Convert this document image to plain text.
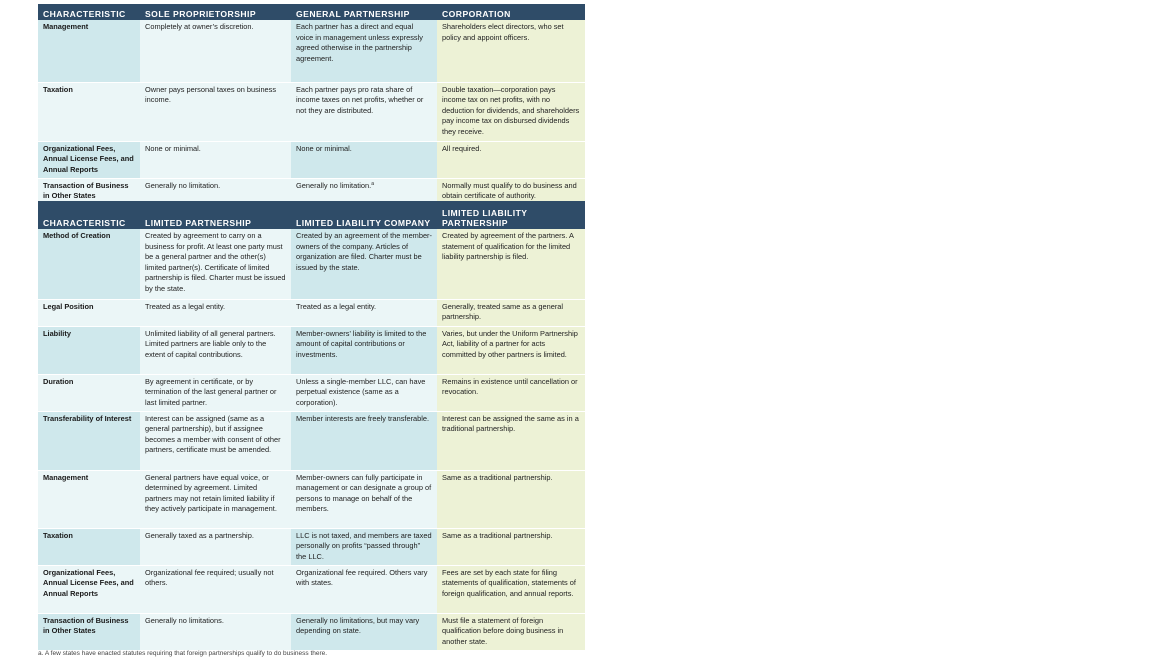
CHARACTERISTIC	SOLE PROPRIETORSHIP	GENERAL PARTNERSHIP	CORPORATION
Management	Completely at owner’s discretion.	Each partner has a direct and equal voice in management unless expressly agreed otherwise in the partnership agreement.	Shareholders elect directors, who set policy and appoint officers.
Taxation	Owner pays personal taxes on business income.	Each partner pays pro rata share of income taxes on net profits, whether or not they are distributed.	Double taxation—corporation pays income tax on net profits, with no deduction for dividends, and shareholders pay income tax on disbursed dividends they receive.
Organizational Fees, Annual License Fees, and Annual Reports	None or minimal.	None or minimal.	All required.
Transaction of Business in Other States	Generally no limitation.	Generally no limitation.$^a$	Normally must qualify to do business and obtain certificate of authority.
CHARACTERISTIC	LIMITED PARTNERSHIP	LIMITED LIABILITY COMPANY	LIMITED LIABILITY PARTNERSHIP
Method of Creation	Created by agreement to carry on a business for profit. At least one party must be a general partner and the other(s) limited partner(s). Certificate of limited partnership is filed. Charter must be issued by the state.	Created by an agreement of the member-owners of the company. Articles of organization are filed. Charter must be issued by the state.	Created by agreement of the partners. A statement of qualification for the limited liability partnership is filed.
Legal Position	Treated as a legal entity.	Treated as a legal entity.	Generally, treated same as a general partnership.
Liability	Unlimited liability of all general partners. Limited partners are liable only to the extent of capital contributions.	Member-owners’ liability is limited to the amount of capital contributions or investments.	Varies, but under the Uniform Partnership Act, liability of a partner for acts committed by other partners is limited.
Duration	By agreement in certificate, or by termination of the last general partner or last limited partner.	Unless a single-member LLC, can have perpetual existence (same as a corporation).	Remains in existence until cancellation or revocation.
Transferability of Interest	Interest can be assigned (same as a general partnership), but if assignee becomes a member with consent of other partners, certificate must be amended.	Member interests are freely transferable.	Interest can be assigned the same as in a traditional partnership.
Management	General partners have equal voice, or determined by agreement. Limited partners may not retain limited liability if they actively participate in management.	Member-owners can fully participate in management or can designate a group of persons to manage on behalf of the members.	Same as a traditional partnership.
Taxation	Generally taxed as a partnership.	LLC is not taxed, and members are taxed personally on profits “passed through” the LLC.	Same as a traditional partnership.
Organizational Fees, Annual License Fees, and Annual Reports	Organizational fee required; usually not others.	Organizational fee required. Others vary with states.	Fees are set by each state for filing statements of qualification, statements of foreign qualification, and annual reports.
Transaction of Business in Other States	Generally no limitations.	Generally no limitations, but may vary depending on state.	Must file a statement of foreign qualification before doing business in another state.
a. A few states have enacted statutes requiring that foreign partnerships qualify to do business there.
